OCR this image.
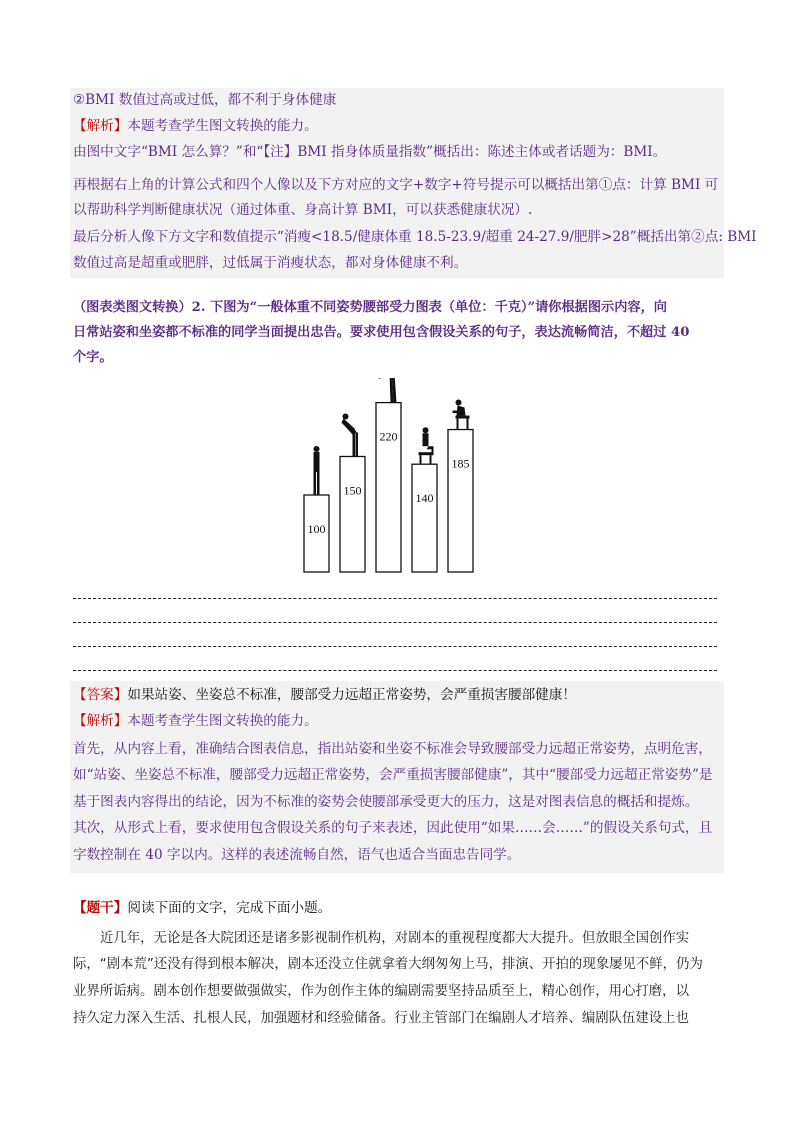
②BMI 数值过高或过低，都不利于身体健康
【解析】本题考查学生图文转换的能力。
由图中文字“BMI 怎么算？”和“【注】BMI 指身体质量指数”概括出：陈述主体或者话题为：BMI。
再根据右上角的计算公式和四个人像以及下方对应的文字+数字+符号提示可以概括出第①点：计算 BMI 可
以帮助科学判断健康状况（通过体重、身高计算 BMI，可以获悉健康状况）.
最后分析人像下方文字和数值提示“消瘦<18.5/健康体重 18.5-23.9/超重 24-27.9/肥胖>28”概括出第②点: BMI
数值过高是超重或肥胖，过低属于消瘦状态，都对身体健康不利。
（图表类图文转换）2. 下图为“一般体重不同姿势腰部受力图表（单位：千克）”请你根据图示内容，向
日常站姿和坐姿都不标准的同学当面提出忠告。要求使用包含假设关系的句子，表达流畅简洁，不超过 40
个字。
100
150
220
140
185
【答案】如果站姿、坐姿总不标准，腰部受力远超正常姿势，会严重损害腰部健康！
【解析】本题考查学生图文转换的能力。
首先，从内容上看，准确结合图表信息，指出站姿和坐姿不标准会导致腰部受力远超正常姿势，点明危害，
如“站姿、坐姿总不标准，腰部受力远超正常姿势，会严重损害腰部健康”，其中“腰部受力远超正常姿势”是
基于图表内容得出的结论，因为不标准的姿势会使腰部承受更大的压力，这是对图表信息的概括和提炼。
其次，从形式上看，要求使用包含假设关系的句子来表述，因此使用“如果……会……”的假设关系句式，且
字数控制在 40 字以内。这样的表述流畅自然，语气也适合当面忠告同学。
【题干】阅读下面的文字，完成下面小题。
近几年，无论是各大院团还是诸多影视制作机构，对剧本的重视程度都大大提升。但放眼全国创作实
际，“剧本荒”还没有得到根本解决，剧本还没立住就拿着大纲匆匆上马，排演、开拍的现象屡见不鲜，仍为
业界所诟病。剧本创作想要做强做实，作为创作主体的编剧需要坚持品质至上，精心创作，用心打磨，以
持久定力深入生活、扎根人民，加强题材和经验储备。行业主管部门在编剧人才培养、编剧队伍建设上也
